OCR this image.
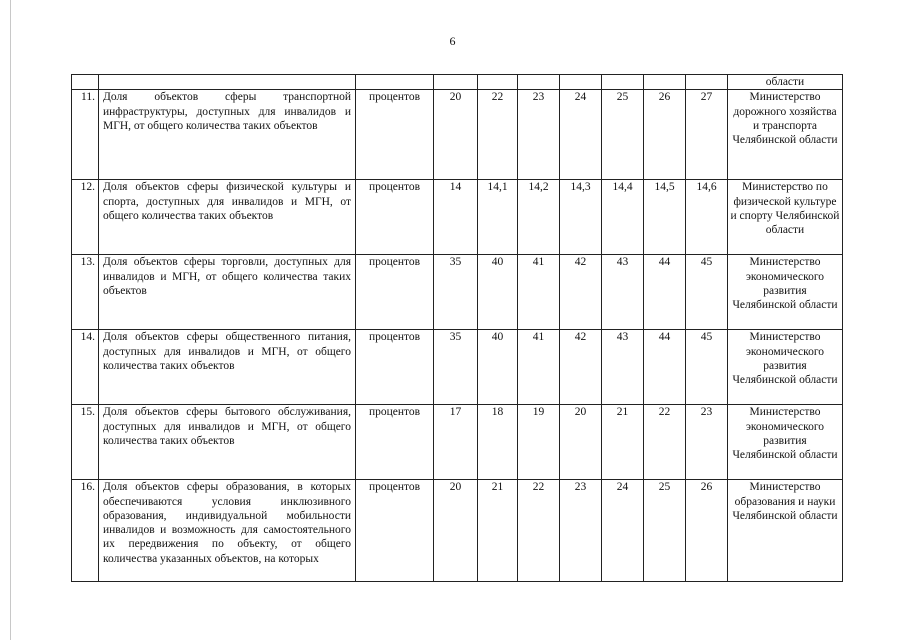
6
										области
11.	Доля объектов сферы транспортной инфраструктуры, доступных для инвалидов и МГН, от общего количества таких объектов	процентов	20	22	23	24	25	26	27	Министерство дорожного хозяйства и транспорта Челябинской области
12.	Доля объектов сферы физической культуры и спорта, доступных для инвалидов и МГН, от общего количества таких объектов	процентов	14	14,1	14,2	14,3	14,4	14,5	14,6	Министерство по физической культуре и спорту Челябинской области
13.	Доля объектов сферы торговли, доступных для инвалидов и МГН, от общего количества таких объектов	процентов	35	40	41	42	43	44	45	Министерство экономического развития Челябинской области
14.	Доля объектов сферы общественного питания, доступных для инвалидов и МГН, от общего количества таких объектов	процентов	35	40	41	42	43	44	45	Министерство экономического развития Челябинской области
15.	Доля объектов сферы бытового обслуживания, доступных для инвалидов и МГН, от общего количества таких объектов	процентов	17	18	19	20	21	22	23	Министерство экономического развития Челябинской области
16.	Доля объектов сферы образования, в которых обеспечиваются условия инклюзивного образования, индивидуальной мобильности инвалидов и возможность для самостоятельного их передвижения по объекту, от общего количества указанных объектов, на которых	процентов	20	21	22	23	24	25	26	Министерство образования и науки Челябинской области
